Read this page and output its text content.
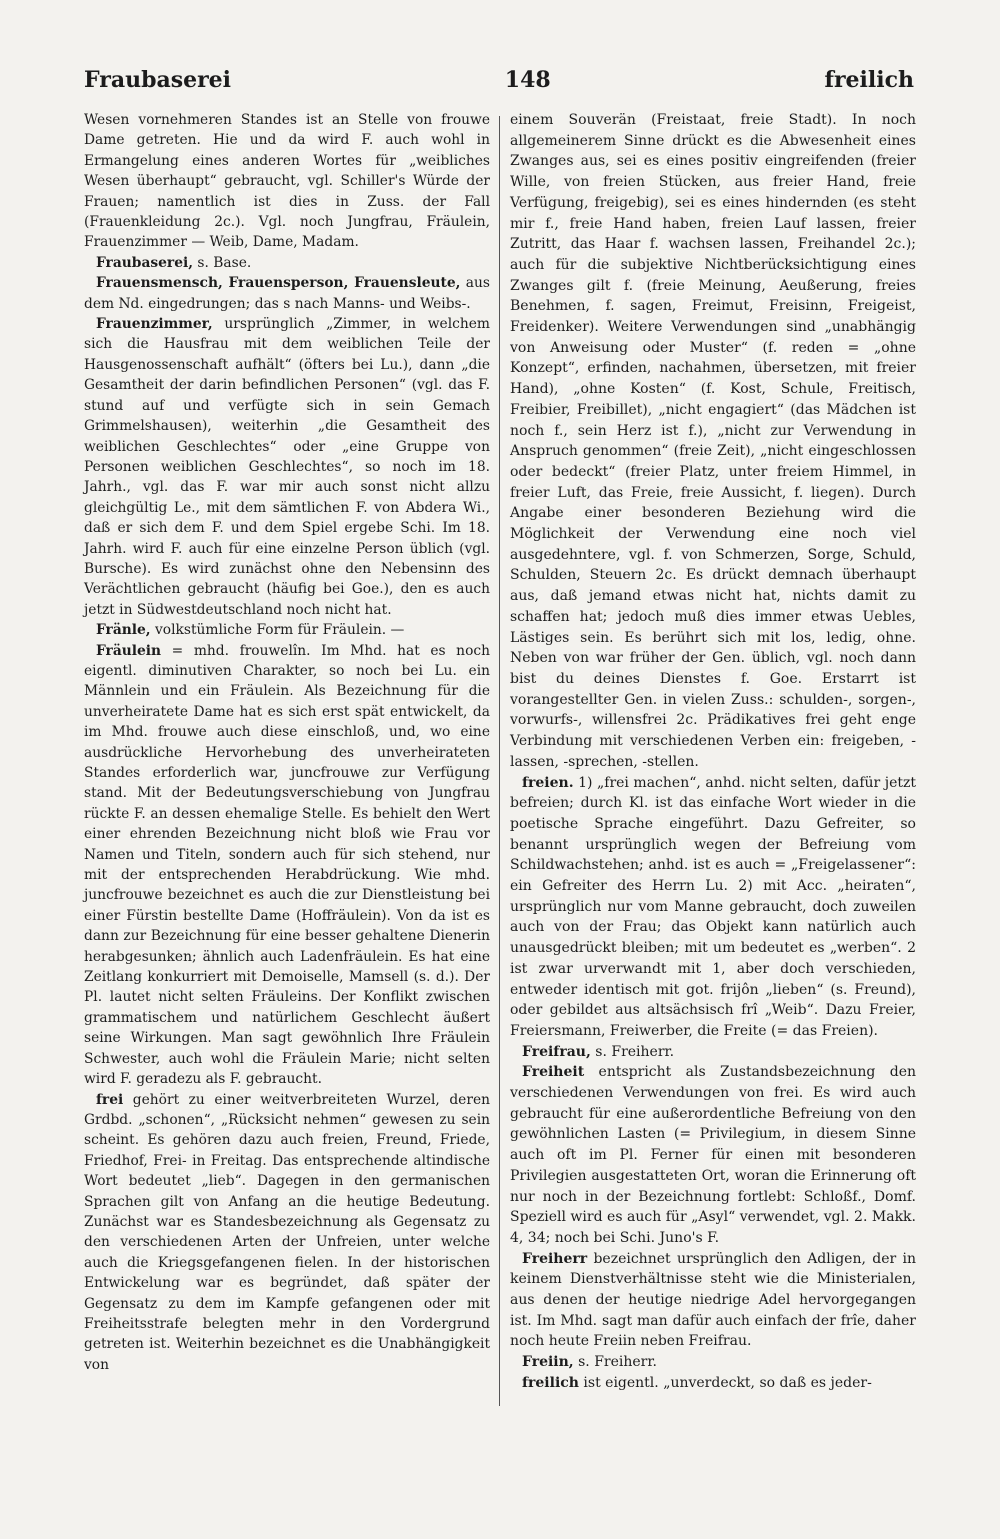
Fraubaserei	148	freilich

Wesen vornehmeren Standes ist an Stelle von frouwe Dame getreten. Hie und da wird F. auch wohl in Ermangelung eines anderen Wortes für „weibliches Wesen überhaupt“ gebraucht, vgl. Schiller's Würde der Frauen; namentlich ist dies in Zuss. der Fall (Frauenkleidung 2c.). Vgl. noch Jungfrau, Fräulein, Frauenzimmer — Weib, Dame, Madam.

Fraubaserei, s. Base.

Frauensmensch, Frauensperson, Frauensleute, aus dem Nd. eingedrungen; das s nach Manns- und Weibs-.

Frauenzimmer, ursprünglich „Zimmer, in welchem sich die Hausfrau mit dem weiblichen Teile der Hausgenossenschaft aufhält“ (öfters bei Lu.), dann „die Gesamtheit der darin befindlichen Personen“ (vgl. das F. stund auf und verfügte sich in sein Gemach Grimmelshausen), weiterhin „die Gesamtheit des weiblichen Geschlechtes“ oder „eine Gruppe von Personen weiblichen Geschlechtes“, so noch im 18. Jahrh., vgl. das F. war mir auch sonst nicht allzu gleichgültig Le., mit dem sämtlichen F. von Abdera Wi., daß er sich dem F. und dem Spiel ergebe Schi. Im 18. Jahrh. wird F. auch für eine einzelne Person üblich (vgl. Bursche). Es wird zunächst ohne den Nebensinn des Verächtlichen gebraucht (häufig bei Goe.), den es auch jetzt in Südwestdeutschland noch nicht hat.

Fränle, volkstümliche Form für Fräulein. —

Fräulein = mhd. frouwelîn. Im Mhd. hat es noch eigentl. diminutiven Charakter, so noch bei Lu. ein Männlein und ein Fräulein. Als Bezeichnung für die unverheiratete Dame hat es sich erst spät entwickelt, da im Mhd. frouwe auch diese einschloß, und, wo eine ausdrückliche Hervorhebung des unverheirateten Standes erforderlich war, juncfrouwe zur Verfügung stand. Mit der Bedeutungsverschiebung von Jungfrau rückte F. an dessen ehemalige Stelle. Es behielt den Wert einer ehrenden Bezeichnung nicht bloß wie Frau vor Namen und Titeln, sondern auch für sich stehend, nur mit der entsprechenden Herabdrückung. Wie mhd. juncfrouwe bezeichnet es auch die zur Dienstleistung bei einer Fürstin bestellte Dame (Hoffräulein). Von da ist es dann zur Bezeichnung für eine besser gehaltene Dienerin herabgesunken; ähnlich auch Ladenfräulein. Es hat eine Zeitlang konkurriert mit Demoiselle, Mamsell (s. d.). Der Pl. lautet nicht selten Fräuleins. Der Konflikt zwischen grammatischem und natürlichem Geschlecht äußert seine Wirkungen. Man sagt gewöhnlich Ihre Fräulein Schwester, auch wohl die Fräulein Marie; nicht selten wird F. geradezu als F. gebraucht.

frei gehört zu einer weitverbreiteten Wurzel, deren Grdbd. „schonen“, „Rücksicht nehmen“ gewesen zu sein scheint. Es gehören dazu auch freien, Freund, Friede, Friedhof, Frei- in Freitag. Das entsprechende altindische Wort bedeutet „lieb“. Dagegen in den germanischen Sprachen gilt von Anfang an die heutige Bedeutung. Zunächst war es Standesbezeichnung als Gegensatz zu den verschiedenen Arten der Unfreien, unter welche auch die Kriegsgefangenen fielen. In der historischen Entwickelung war es begründet, daß später der Gegensatz zu dem im Kampfe gefangenen oder mit Freiheitsstrafe belegten mehr in den Vordergrund getreten ist. Weiterhin bezeichnet es die Unabhängigkeit von

einem Souverän (Freistaat, freie Stadt). In noch allgemeinerem Sinne drückt es die Abwesenheit eines Zwanges aus, sei es eines positiv eingreifenden (freier Wille, von freien Stücken, aus freier Hand, freie Verfügung, freigebig), sei es eines hindernden (es steht mir f., freie Hand haben, freien Lauf lassen, freier Zutritt, das Haar f. wachsen lassen, Freihandel 2c.); auch für die subjektive Nichtberücksichtigung eines Zwanges gilt f. (freie Meinung, Aeußerung, freies Benehmen, f. sagen, Freimut, Freisinn, Freigeist, Freidenker). Weitere Verwendungen sind „unabhängig von Anweisung oder Muster“ (f. reden = „ohne Konzept“, erfinden, nachahmen, übersetzen, mit freier Hand), „ohne Kosten“ (f. Kost, Schule, Freitisch, Freibier, Freibillet), „nicht engagiert“ (das Mädchen ist noch f., sein Herz ist f.), „nicht zur Verwendung in Anspruch genommen“ (freie Zeit), „nicht eingeschlossen oder bedeckt“ (freier Platz, unter freiem Himmel, in freier Luft, das Freie, freie Aussicht, f. liegen). Durch Angabe einer besonderen Beziehung wird die Möglichkeit der Verwendung eine noch viel ausgedehntere, vgl. f. von Schmerzen, Sorge, Schuld, Schulden, Steuern 2c. Es drückt demnach überhaupt aus, daß jemand etwas nicht hat, nichts damit zu schaffen hat; jedoch muß dies immer etwas Uebles, Lästiges sein. Es berührt sich mit los, ledig, ohne. Neben von war früher der Gen. üblich, vgl. noch dann bist du deines Dienstes f. Goe. Erstarrt ist vorangestellter Gen. in vielen Zuss.: schulden-, sorgen-, vorwurfs-, willensfrei 2c. Prädikatives frei geht enge Verbindung mit verschiedenen Verben ein: freigeben, -lassen, -sprechen, -stellen.

freien. 1) „frei machen“, anhd. nicht selten, dafür jetzt befreien; durch Kl. ist das einfache Wort wieder in die poetische Sprache eingeführt. Dazu Gefreiter, so benannt ursprünglich wegen der Befreiung vom Schildwachstehen; anhd. ist es auch = „Freigelassener“: ein Gefreiter des Herrn Lu. 2) mit Acc. „heiraten“, ursprünglich nur vom Manne gebraucht, doch zuweilen auch von der Frau; das Objekt kann natürlich auch unausgedrückt bleiben; mit um bedeutet es „werben“. 2 ist zwar urverwandt mit 1, aber doch verschieden, entweder identisch mit got. frijôn „lieben“ (s. Freund), oder gebildet aus altsächsisch frî „Weib“. Dazu Freier, Freiersmann, Freiwerber, die Freite (= das Freien).

Freifrau, s. Freiherr.

Freiheit entspricht als Zustandsbezeichnung den verschiedenen Verwendungen von frei. Es wird auch gebraucht für eine außerordentliche Befreiung von den gewöhnlichen Lasten (= Privilegium, in diesem Sinne auch oft im Pl. Ferner für einen mit besonderen Privilegien ausgestatteten Ort, woran die Erinnerung oft nur noch in der Bezeichnung fortlebt: Schloßf., Domf. Speziell wird es auch für „Asyl“ verwendet, vgl. 2. Makk. 4, 34; noch bei Schi. Juno's F.

Freiherr bezeichnet ursprünglich den Adligen, der in keinem Dienstverhältnisse steht wie die Ministerialen, aus denen der heutige niedrige Adel hervorgegangen ist. Im Mhd. sagt man dafür auch einfach der frîe, daher noch heute Freiin neben Freifrau.

Freiin, s. Freiherr.

freilich ist eigentl. „unverdeckt, so daß es jeder-
